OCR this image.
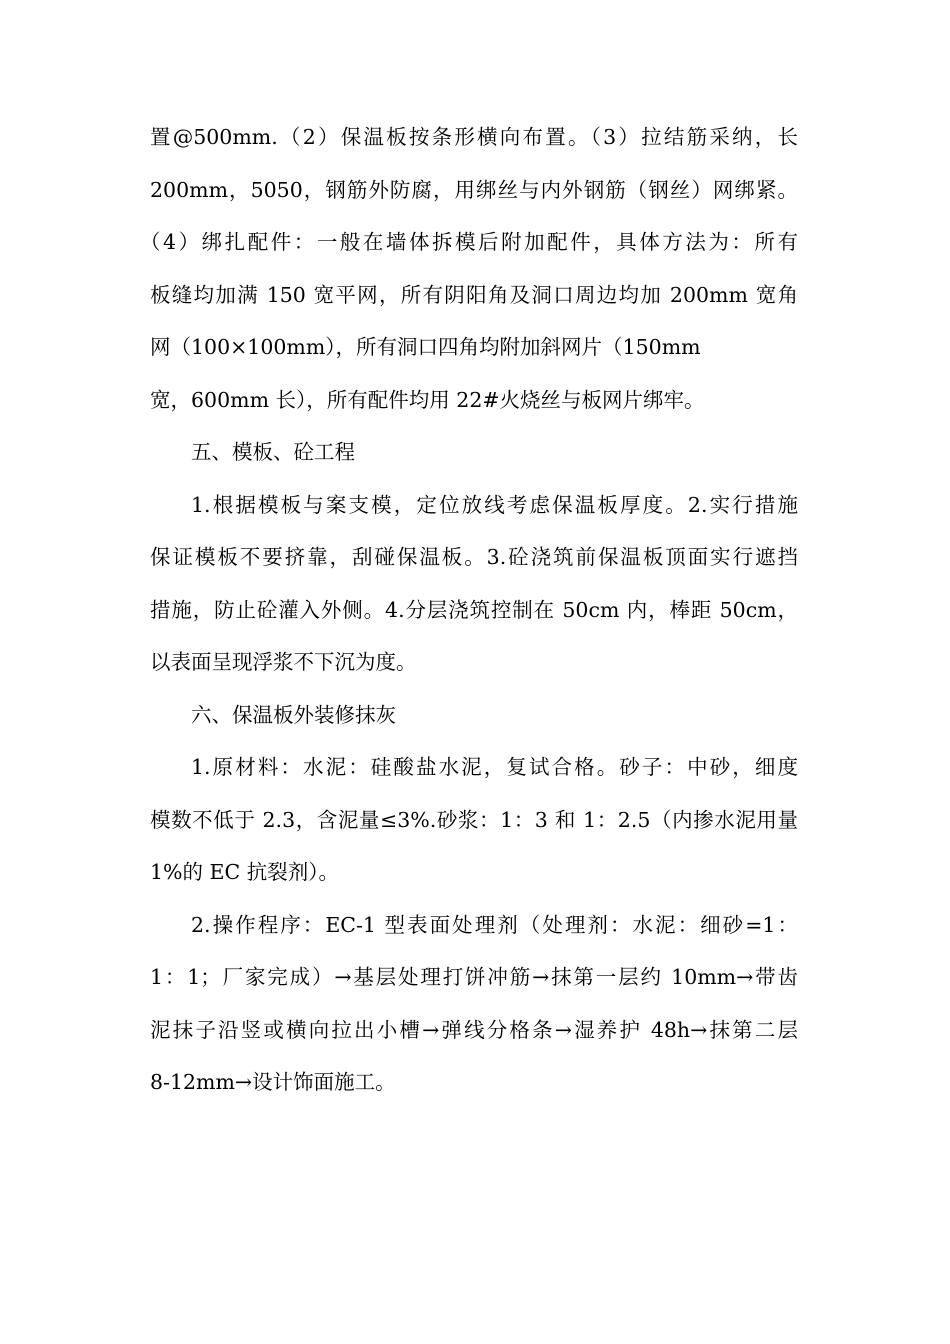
置@500mm.（2）保温板按条形横向布置。（3）拉结筋采纳，长
200mm，5050，钢筋外防腐，用绑丝与内外钢筋（钢丝）网绑紧。
（4）绑扎配件：一般在墙体拆模后附加配件，具体方法为：所有
板缝均加满 150 宽平网，所有阴阳角及洞口周边均加 200mm 宽角
网（100×100mm），所有洞口四角均附加斜网片（150mm
宽，600mm 长），所有配件均用 22#火烧丝与板网片绑牢。
五、模板、砼工程
1.根据模板与案支模，定位放线考虑保温板厚度。2.实行措施
保证模板不要挤靠，刮碰保温板。3.砼浇筑前保温板顶面实行遮挡
措施，防止砼灌入外侧。4.分层浇筑控制在 50cm 内，棒距 50cm，
以表面呈现浮浆不下沉为度。
六、保温板外装修抹灰
1.原材料：水泥：硅酸盐水泥，复试合格。砂子：中砂，细度
模数不低于 2.3，含泥量≤3%.砂浆：1：3 和 1：2.5（内掺水泥用量
1%的 EC 抗裂剂）。
2.操作程序：EC-1 型表面处理剂（处理剂：水泥：细砂=1：
1：1；厂家完成）→基层处理打饼冲筋→抹第一层约 10mm→带齿
泥抹子沿竖或横向拉出小槽→弹线分格条→湿养护 48h→抹第二层
8-12mm→设计饰面施工。
